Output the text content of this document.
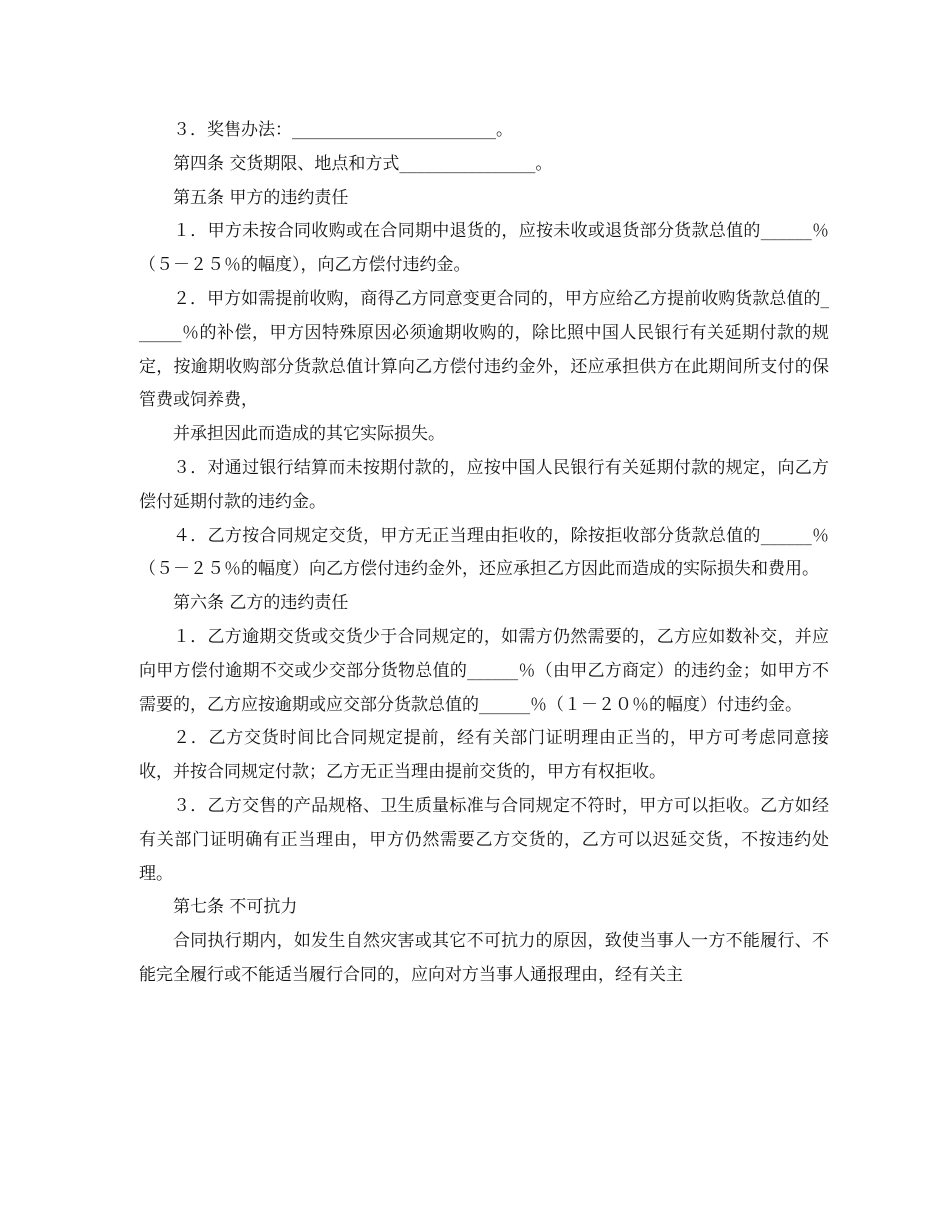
３．奖售办法：________________________。

第四条 交货期限、地点和方式________________。

第五条 甲方的违约责任

１．甲方未按合同收购或在合同期中退货的，应按未收或退货部分货款总值的______％（５－２５％的幅度），向乙方偿付违约金。

２．甲方如需提前收购，商得乙方同意变更合同的，甲方应给乙方提前收购货款总值的______％的补偿，甲方因特殊原因必须逾期收购的，除比照中国人民银行有关延期付款的规定，按逾期收购部分货款总值计算向乙方偿付违约金外，还应承担供方在此期间所支付的保管费或饲养费，

并承担因此而造成的其它实际损失。

３．对通过银行结算而未按期付款的，应按中国人民银行有关延期付款的规定，向乙方偿付延期付款的违约金。

４．乙方按合同规定交货，甲方无正当理由拒收的，除按拒收部分货款总值的______％（５－２５％的幅度）向乙方偿付违约金外，还应承担乙方因此而造成的实际损失和费用。

第六条 乙方的违约责任

１．乙方逾期交货或交货少于合同规定的，如需方仍然需要的，乙方应如数补交，并应向甲方偿付逾期不交或少交部分货物总值的______％（由甲乙方商定）的违约金；如甲方不需要的，乙方应按逾期或应交部分货款总值的______％（１－２０％的幅度）付违约金。

２．乙方交货时间比合同规定提前，经有关部门证明理由正当的，甲方可考虑同意接收，并按合同规定付款；乙方无正当理由提前交货的，甲方有权拒收。

３．乙方交售的产品规格、卫生质量标准与合同规定不符时，甲方可以拒收。乙方如经有关部门证明确有正当理由，甲方仍然需要乙方交货的，乙方可以迟延交货，不按违约处理。

第七条 不可抗力

合同执行期内，如发生自然灾害或其它不可抗力的原因，致使当事人一方不能履行、不能完全履行或不能适当履行合同的，应向对方当事人通报理由，经有关主
